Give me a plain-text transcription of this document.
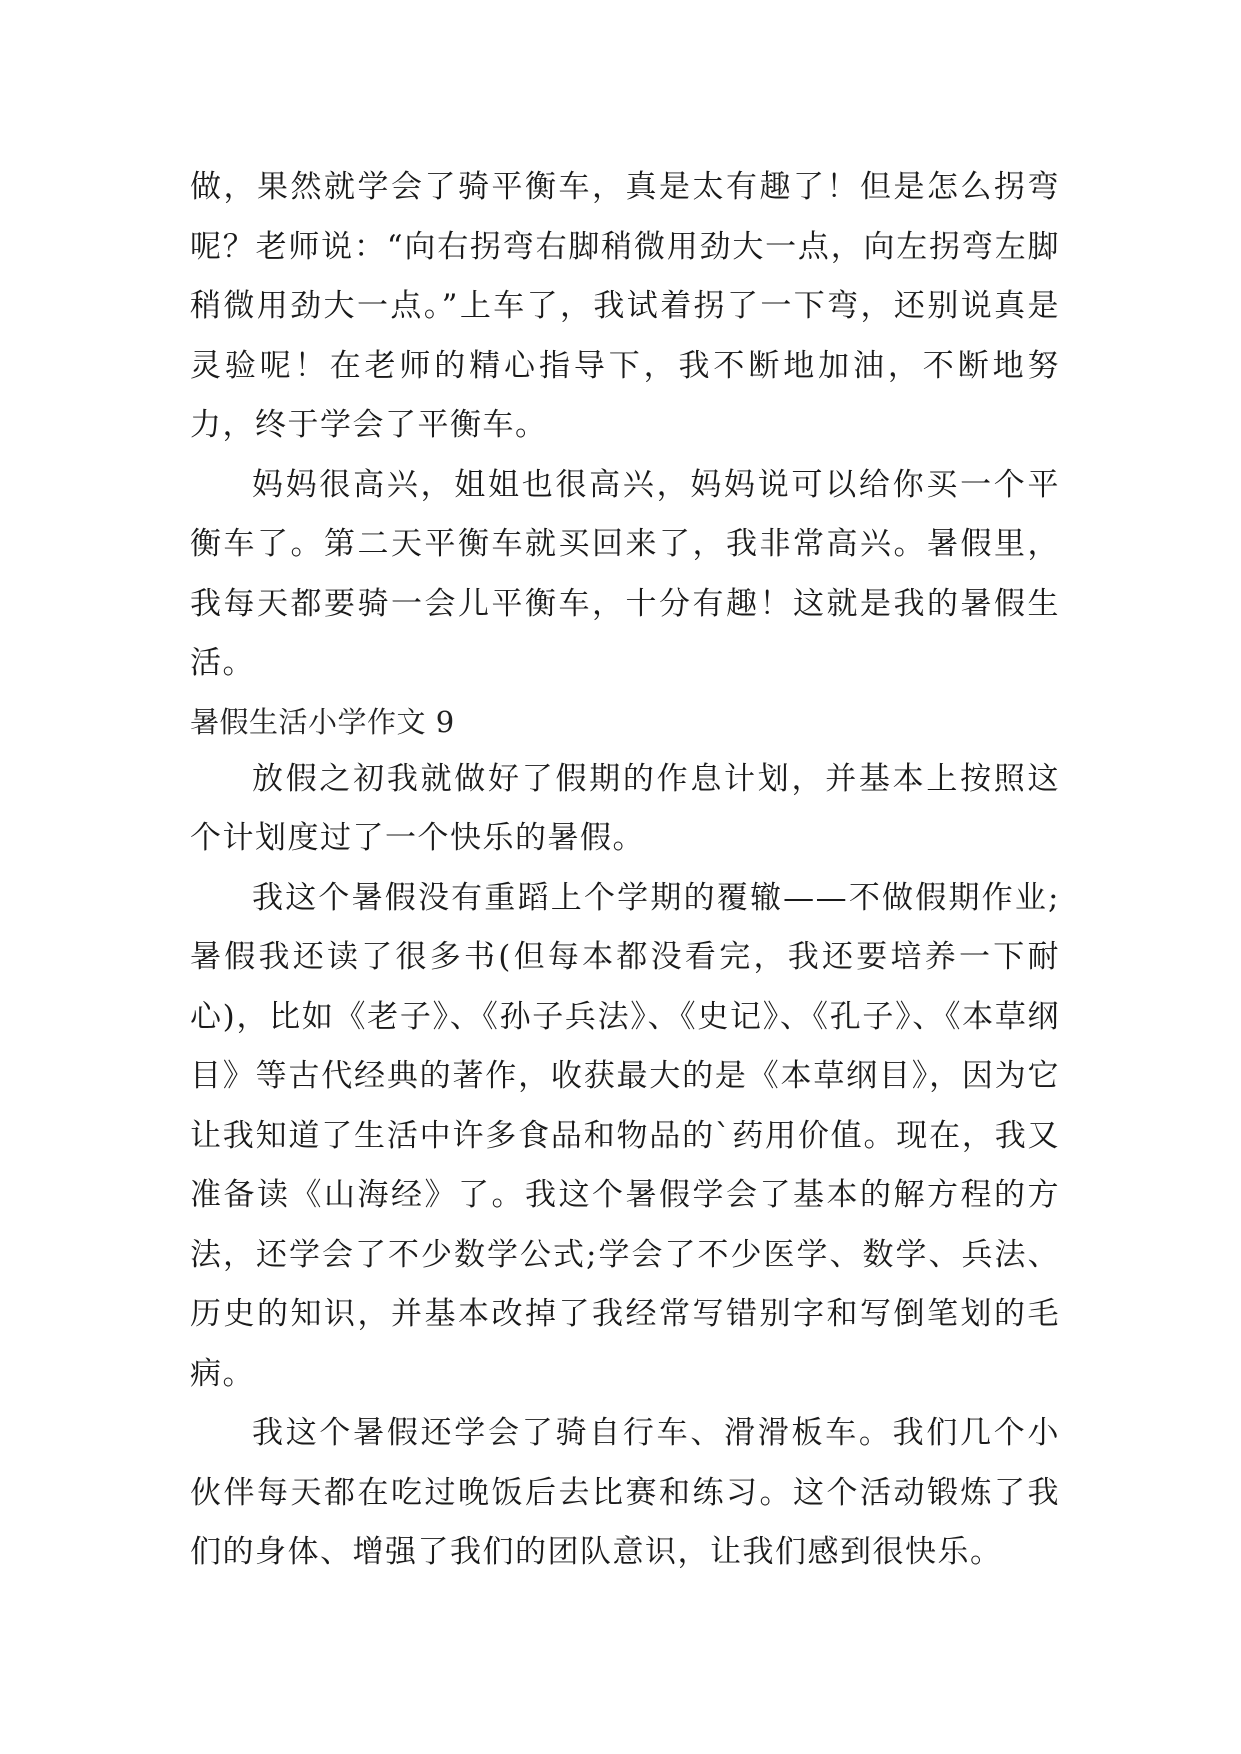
做，果然就学会了骑平衡车，真是太有趣了！但是怎么拐弯呢？老师说：“向右拐弯右脚稍微用劲大一点，向左拐弯左脚稍微用劲大一点。”上车了，我试着拐了一下弯，还别说真是灵验呢！在老师的精心指导下，我不断地加油，不断地努力，终于学会了平衡车。

妈妈很高兴，姐姐也很高兴，妈妈说可以给你买一个平衡车了。第二天平衡车就买回来了，我非常高兴。暑假里，我每天都要骑一会儿平衡车，十分有趣！这就是我的暑假生活。

暑假生活小学作文 9

放假之初我就做好了假期的作息计划，并基本上按照这个计划度过了一个快乐的暑假。

我这个暑假没有重蹈上个学期的覆辙——不做假期作业;暑假我还读了很多书(但每本都没看完，我还要培养一下耐心)，比如《老子》、《孙子兵法》、《史记》、《孔子》、《本草纲目》等古代经典的著作，收获最大的是《本草纲目》，因为它让我知道了生活中许多食品和物品的`药用价值。现在，我又准备读《山海经》了。我这个暑假学会了基本的解方程的方法，还学会了不少数学公式;学会了不少医学、数学、兵法、历史的知识，并基本改掉了我经常写错别字和写倒笔划的毛病。

我这个暑假还学会了骑自行车、滑滑板车。我们几个小伙伴每天都在吃过晚饭后去比赛和练习。这个活动锻炼了我们的身体、增强了我们的团队意识，让我们感到很快乐。
